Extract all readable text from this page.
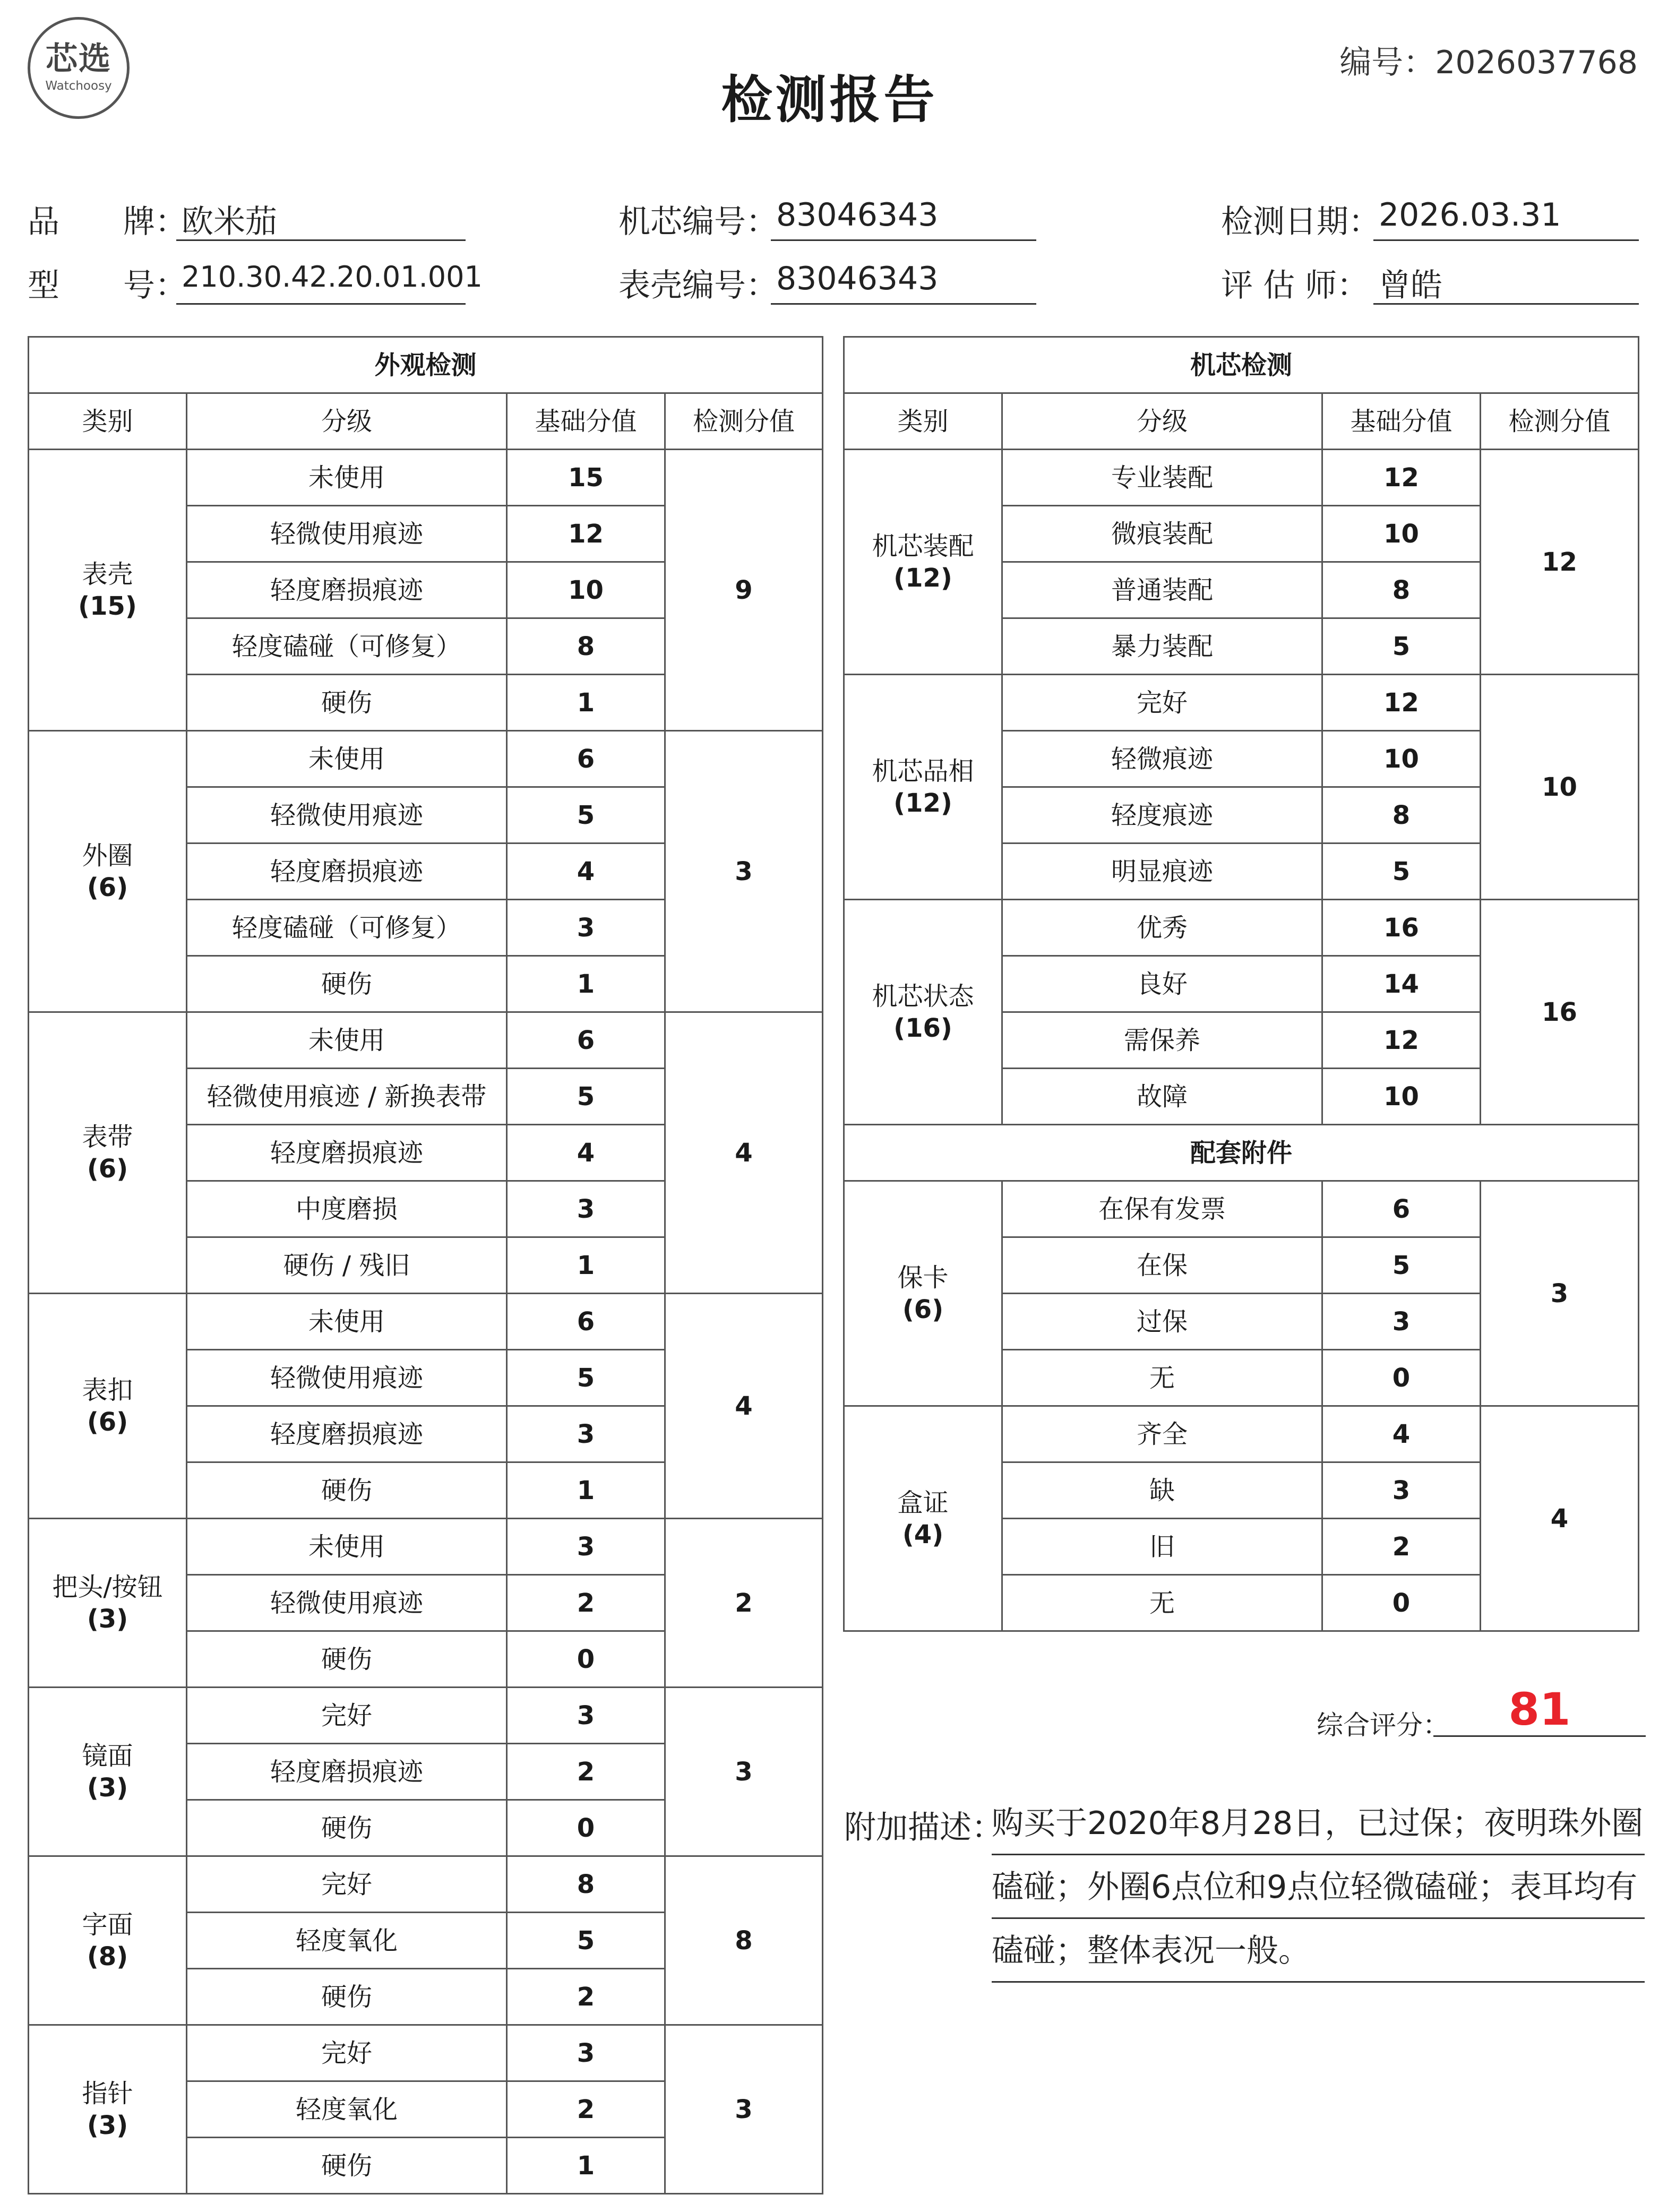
芯选
Watchoosy	检测报告
编号：2026037768
品　　牌：
欧米茄
型　　号：
210.30.42.20.01.001
机芯编号：
83046343
表壳编号：
83046343
检测日期：
2026.03.31
评 估 师： 曾皓
外观检测			
类别	分级	基础分值	检测分值

表壳
(15)	未使用	15	9
	轻微使用痕迹	12	
	轻度磨损痕迹	10	
	轻度磕碰（可修复）	8	
	硬伤	1	

外圈
(6)	未使用	6	3
	轻微使用痕迹	5	
	轻度磨损痕迹	4	
	轻度磕碰（可修复）	3	
	硬伤	1	

表带
(6)	未使用	6	4
	轻微使用痕迹 / 新换表带	5	
	轻度磨损痕迹	4	
	中度磨损	3	
	硬伤 / 残旧	1	

表扣
(6)	未使用	6	4
	轻微使用痕迹	5	
	轻度磨损痕迹	3	
	硬伤	1	

把头/按钮
(3)	未使用	3	2
	轻微使用痕迹	2	
	硬伤	0	

镜面
(3)	完好	3	3
	轻度磨损痕迹	2	
	硬伤	0	

字面
(8)	完好	8	8
	轻度氧化	5	
	硬伤	2	

指针
(3)	完好	3	3
	轻度氧化	2	
	硬伤	1	
机芯检测			
类别	分级	基础分值	检测分值

机芯装配
(12)	专业装配	12	12
	微痕装配	10	
	普通装配	8	
	暴力装配	5	

机芯品相
(12)	完好	12	10
	轻微痕迹	10	
	轻度痕迹	8	
	明显痕迹	5	

机芯状态
(16)	优秀	16	16
	良好	14	
	需保养	12	
	故障	10	
配套附件			

保卡
(6)	在保有发票	6	3
	在保	5	
	过保	3	
	无	0	

盒证
(4)	齐全	4	4
	缺	3	
	旧	2	
	无	0	
综合评分：	81
附加描述：
购买于2020年8月28日，已过保；夜明珠外圈
磕碰；外圈6点位和9点位轻微磕碰；表耳均有
磕碰；整体表况一般。
